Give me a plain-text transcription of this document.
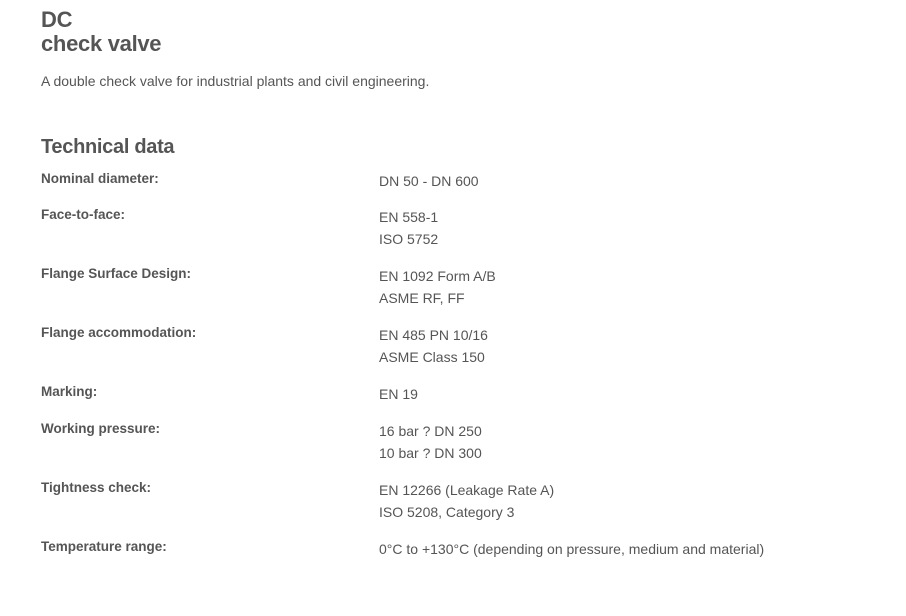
DC
check valve
A double check valve for industrial plants and civil engineering.
Technical data
Nominal diameter:	DN 50 - DN 600
Face-to-face:	EN 558-1
ISO 5752
Flange Surface Design:	EN 1092 Form A/B
ASME RF, FF
Flange accommodation:	EN 485 PN 10/16
ASME Class 150
Marking:	EN 19
Working pressure:	16 bar ? DN 250
10 bar ? DN 300
Tightness check:	EN 12266 (Leakage Rate A)
ISO 5208, Category 3
Temperature range:	0°C to +130°C (depending on pressure, medium and material)
